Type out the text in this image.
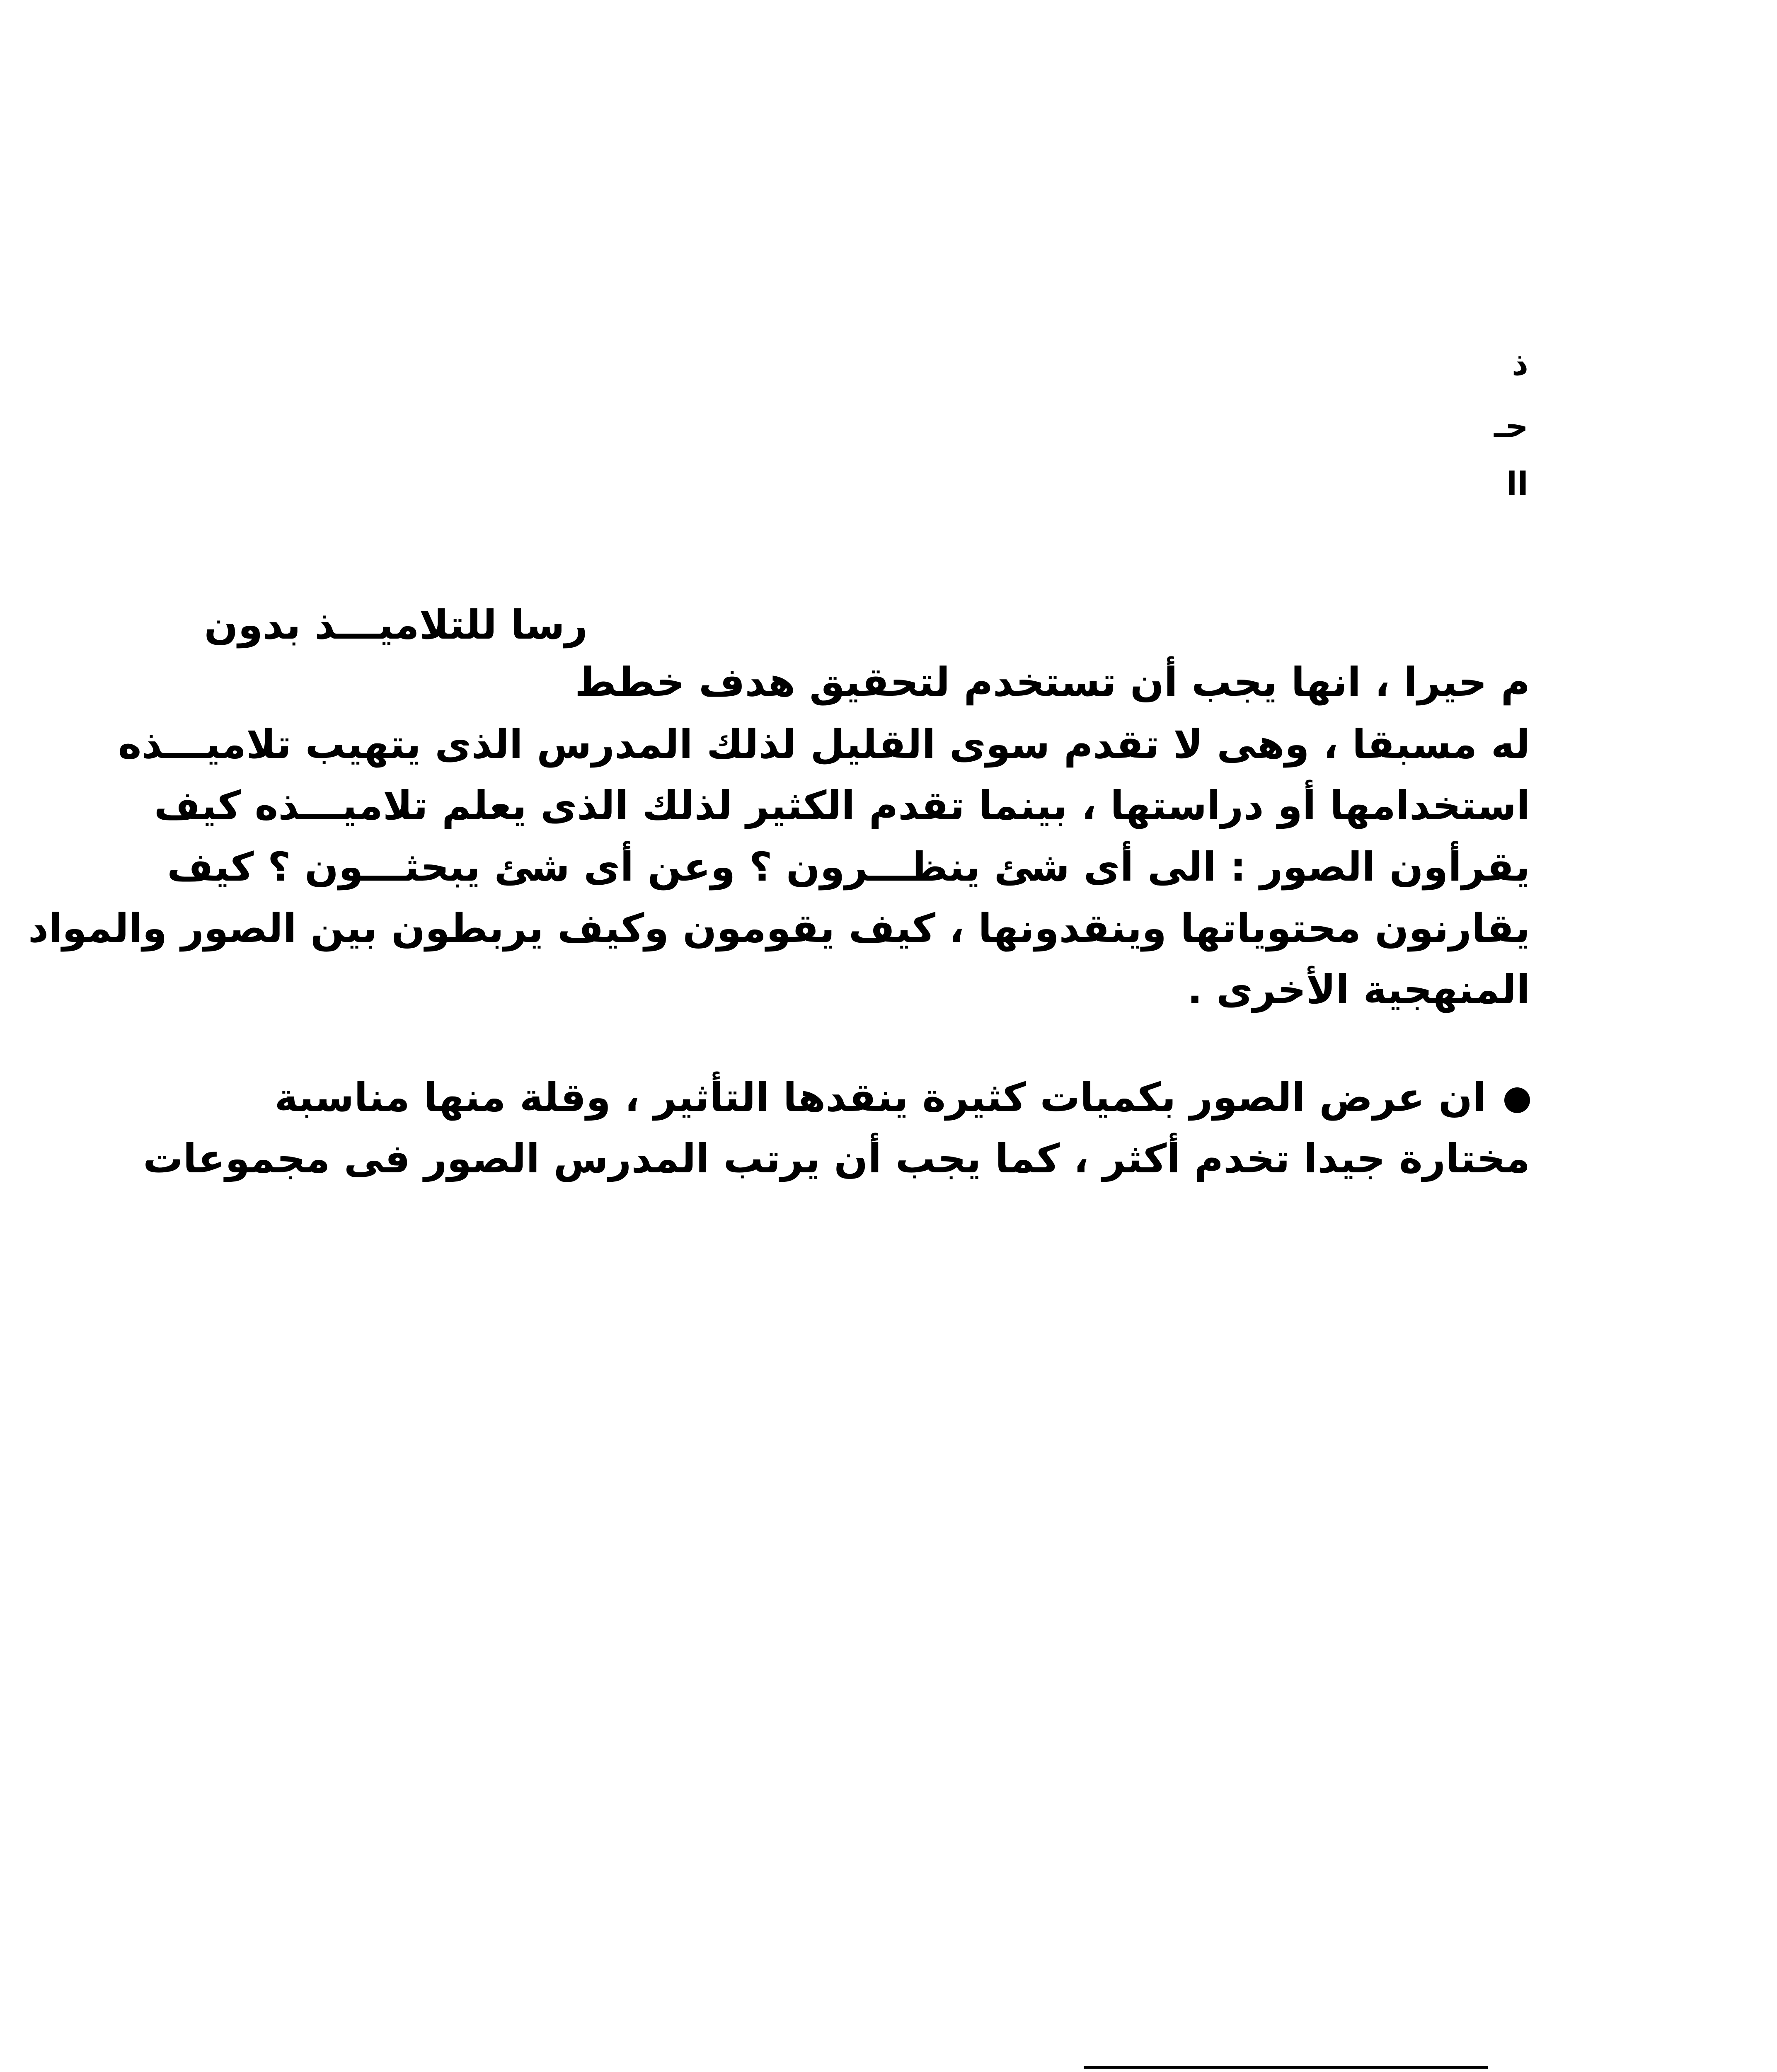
ذ
حـ
اا
رسا للتلاميـــذ بدون
م حيرا ، انها يجب أن تستخدم لتحقيق هدف خطط
له مسبقا ، وهى لا تقدم سوى القليل لذلك المدرس الذى يتهيب تلاميـــذه
استخدامها أو دراستها ، بينما تقدم الكثير لذلك الذى يعلم تلاميـــذه كيف
يقرأون الصور : الى أى شئ ينظـــرون ؟ وعن أى شئ يبحثـــون ؟ كيف
يقارنون محتوياتها وينقدونها ، كيف يقومون وكيف يربطون بين الصور والمواد
المنهجية الأخرى .
ان عرض الصور بكميات كثيرة ينقدها التأثير ، وقلة منها مناسبة
مختارة جيدا تخدم أكثر ، كما يجب أن يرتب المدرس الصور فى مجموعات
